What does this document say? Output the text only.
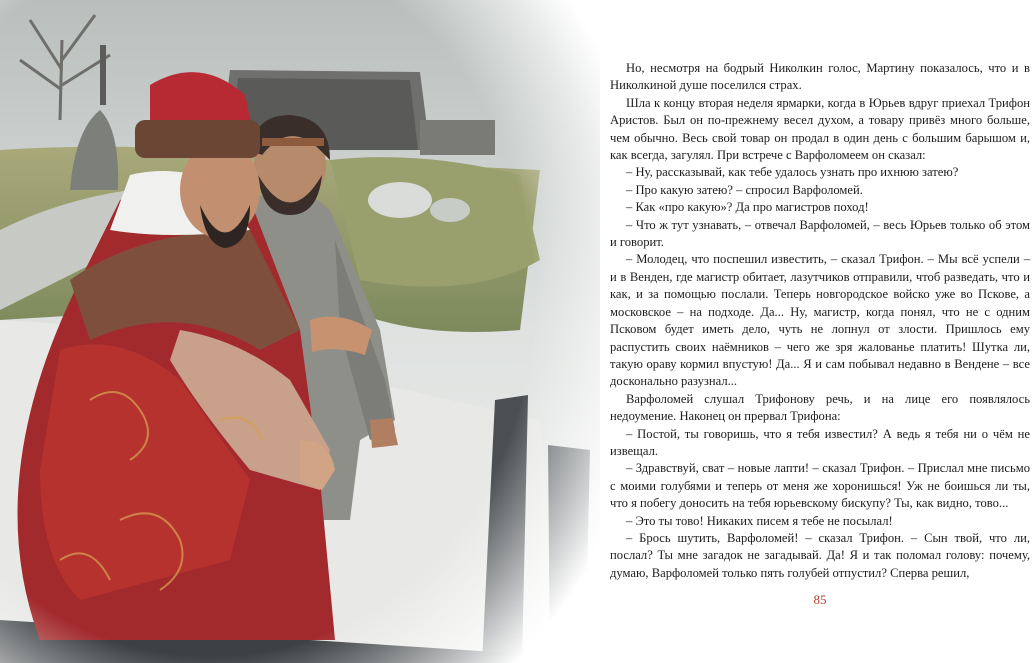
Но, несмотря на бодрый Николкин голос, Мартину показалось, что и в Николкиной душе поселился страх.

Шла к концу вторая неделя ярмарки, когда в Юрьев вдруг приехал Трифон Аристов. Был он по-прежнему весел духом, а товару привёз много больше, чем обычно. Весь свой товар он продал в один день с большим барышом и, как всегда, загулял. При встрече с Варфоломеем он сказал:

– Ну, рассказывай, как тебе удалось узнать про ихнюю затею?

– Про какую затею? – спросил Варфоломей.

– Как «про какую»? Да про магистров поход!

– Что ж тут узнавать, – отвечал Варфоломей, – весь Юрьев только об этом и говорит.

– Молодец, что поспешил известить, – сказал Трифон. – Мы всё успели – и в Венден, где магистр обитает, лазутчиков отправили, чтоб разведать, что и как, и за помощью послали. Теперь новгородское войско уже во Пскове, а московское – на подходе. Да... Ну, магистр, когда понял, что не с одним Псковом будет иметь дело, чуть не лопнул от злости. Пришлось ему распустить своих наёмников – чего же зря жалованье платить! Шутка ли, такую ораву кормил впустую! Да... Я и сам побывал недавно в Вендене – все досконально разузнал...

Варфоломей слушал Трифонову речь, и на лице его появлялось недоумение. Наконец он прервал Трифона:

– Постой, ты говоришь, что я тебя известил? А ведь я тебя ни о чём не извещал.

– Здравствуй, сват – новые лапти! – сказал Трифон. – Прислал мне письмо с моими голубями и теперь от меня же хоронишься! Уж не боишься ли ты, что я побегу доносить на тебя юрьевскому бискупу? Ты, как видно, тово...

– Это ты тово! Никаких писем я тебе не посылал!

– Брось шутить, Варфоломей! – сказал Трифон. – Сын твой, что ли, послал? Ты мне загадок не загадывай. Да! Я и так поломал голову: почему, думаю, Варфоломей только пять голубей отпустил? Сперва решил,

85
